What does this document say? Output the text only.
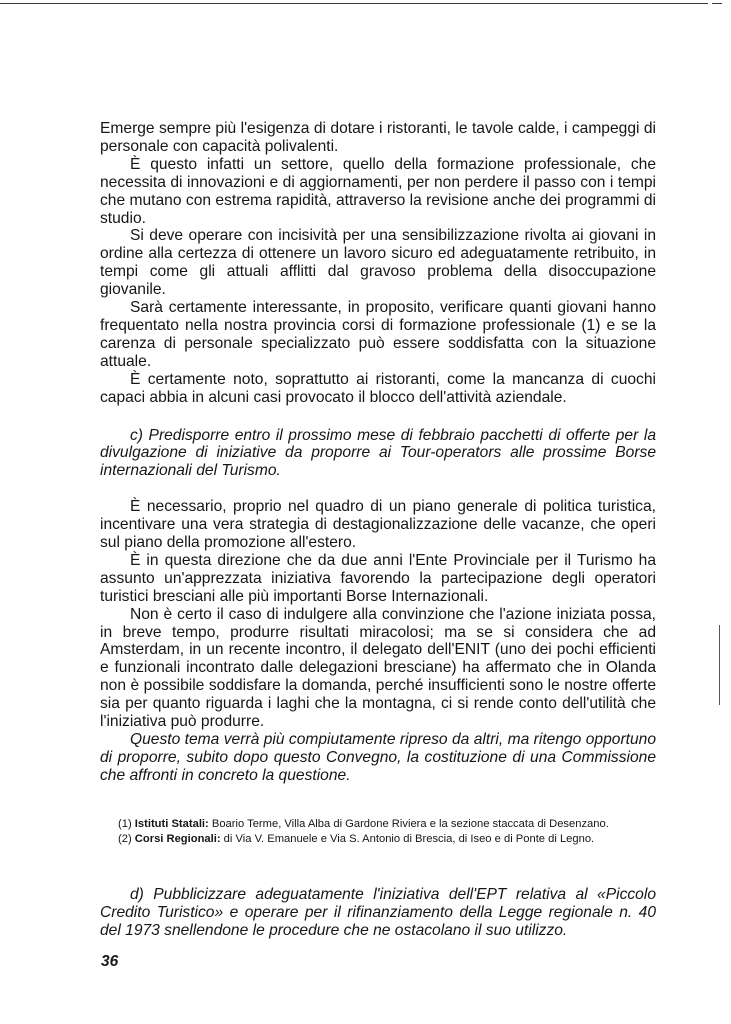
Emerge sempre più l'esigenza di dotare i ristoranti, le tavole calde, i campeggi di personale con capacità polivalenti.

È questo infatti un settore, quello della formazione professionale, che necessita di innovazioni e di aggiornamenti, per non perdere il passo con i tempi che mutano con estrema rapidità, attraverso la revisione anche dei programmi di studio.

Si deve operare con incisività per una sensibilizzazione rivolta ai giovani in ordine alla certezza di ottenere un lavoro sicuro ed adeguatamente retribuito, in tempi come gli attuali afflitti dal gravoso problema della disoccupazione giovanile.

Sarà certamente interessante, in proposito, verificare quanti giovani hanno frequentato nella nostra provincia corsi di formazione professionale (1) e se la carenza di personale specializzato può essere soddisfatta con la situazione attuale.

È certamente noto, soprattutto ai ristoranti, come la mancanza di cuochi capaci abbia in alcuni casi provocato il blocco dell'attività aziendale.

c) Predisporre entro il prossimo mese di febbraio pacchetti di offerte per la divulgazione di iniziative da proporre ai Tour-operators alle prossime Borse internazionali del Turismo.

È necessario, proprio nel quadro di un piano generale di politica turistica, incentivare una vera strategia di destagionalizzazione delle vacanze, che operi sul piano della promozione all'estero.

È in questa direzione che da due anni l'Ente Provinciale per il Turismo ha assunto un'apprezzata iniziativa favorendo la partecipazione degli operatori turistici bresciani alle più importanti Borse Internazionali.

Non è certo il caso di indulgere alla convinzione che l'azione iniziata possa, in breve tempo, produrre risultati miracolosi; ma se si considera che ad Amsterdam, in un recente incontro, il delegato dell'ENIT (uno dei pochi efficienti e funzionali incontrato dalle delegazioni bresciane) ha affermato che in Olanda non è possibile soddisfare la domanda, perché insufficienti sono le nostre offerte sia per quanto riguarda i laghi che la montagna, ci si rende conto dell'utilità che l'iniziativa può produrre.

Questo tema verrà più compiutamente ripreso da altri, ma ritengo opportuno di proporre, subito dopo questo Convegno, la costituzione di una Commissione che affronti in concreto la questione.

(1) Istituti Statali: Boario Terme, Villa Alba di Gardone Riviera e la sezione staccata di Desenzano.

(2) Corsi Regionali: di Via V. Emanuele e Via S. Antonio di Brescia, di Iseo e di Ponte di Legno.

d) Pubblicizzare adeguatamente l'iniziativa dell'EPT relativa al «Piccolo Credito Turistico» e operare per il rifinanziamento della Legge regionale n. 40 del 1973 snellendone le procedure che ne ostacolano il suo utilizzo.

36
